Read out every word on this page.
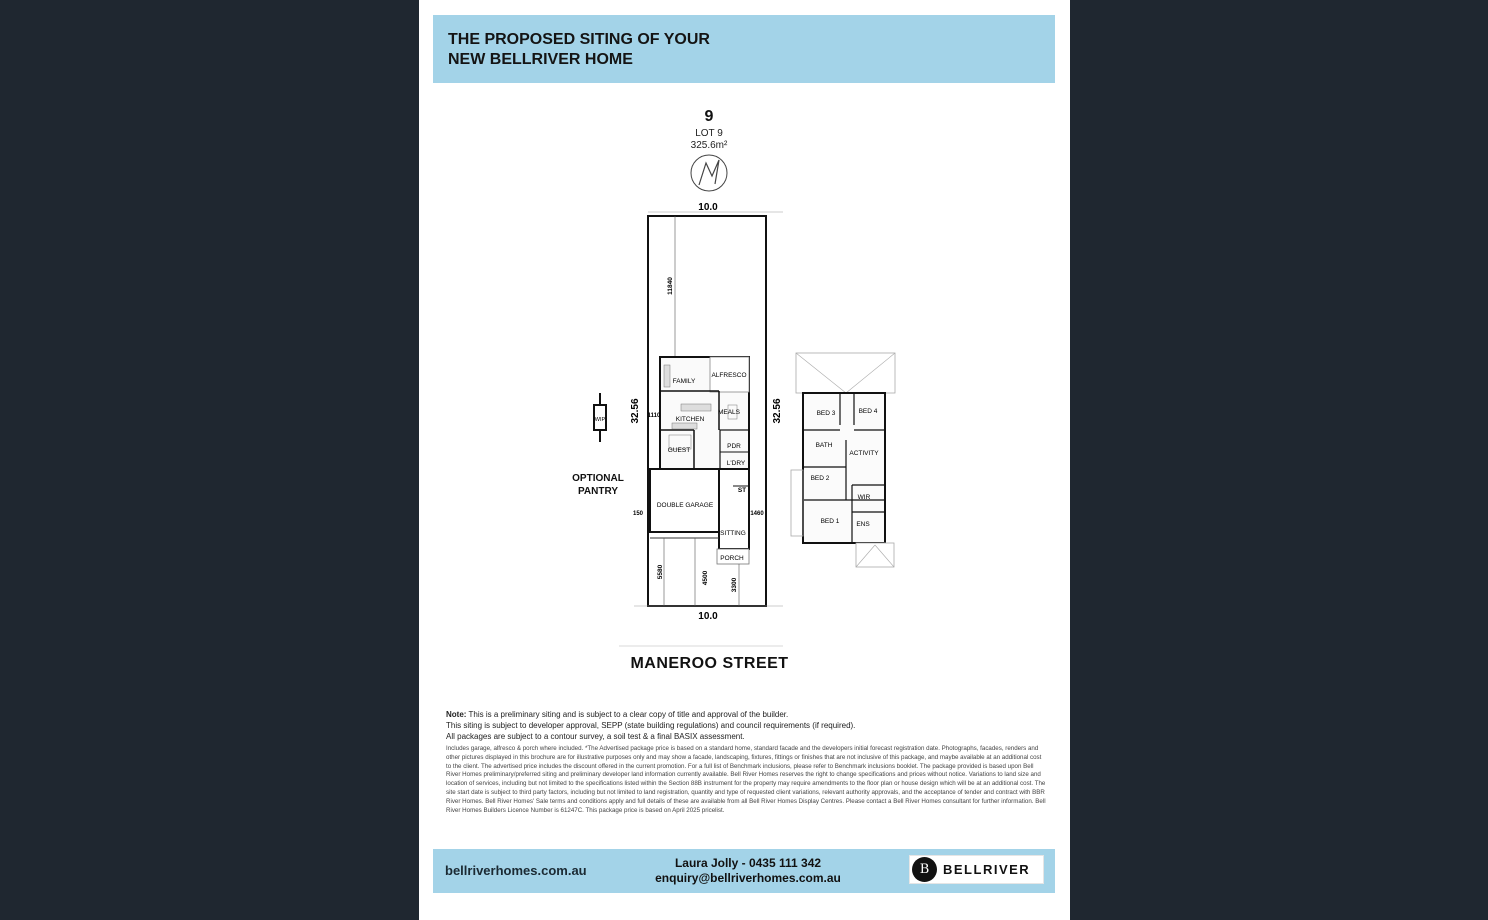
THE PROPOSED SITING OF YOUR
NEW BELLRIVER HOME

9
LOT 9
325.6m²
10.0
10.0
32.56	32.56
11840
FAMILY
ALFRESCO
KITCHEN
MEALS
GUEST
PDR
L'DRY
ST
DOUBLE GARAGE
SITTING
PORCH
1110
150	1460
5580	4500	3300
WIP
BED 3	BED 4
BATH
ACTIVITY
BED 2
WIR
BED 1	ENS
OPTIONAL
PANTRY
MANEROO STREET
Note: This is a preliminary siting and is subject to a clear copy of title and approval of the builder.
This siting is subject to developer approval, SEPP (state building regulations) and council requirements (if required).
All packages are subject to a contour survey, a soil test & a final BASIX assessment.
Includes garage, alfresco & porch where included. *The Advertised package price is based on a standard home, standard facade and the developers initial forecast registration date. Photographs, facades, renders and other pictures displayed in this brochure are for illustrative purposes only and may show a facade, landscaping, fixtures, fittings or finishes that are not inclusive of this package, and maybe available at an additional cost to the client. The advertised price includes the discount offered in the current promotion. For a full list of Benchmark inclusions, please refer to Benchmark inclusions booklet. The package provided is based upon Bell River Homes preliminary/preferred siting and preliminary developer land information currently available. Bell River Homes reserves the right to change specifications and prices without notice. Variations to land size and location of services, including but not limited to the specifications listed within the Section 88B instrument for the property may require amendments to the floor plan or house design which will be at an additional cost. The site start date is subject to third party factors, including but not limited to land registration, quantity and type of requested client variations, relevant authority approvals, and the acceptance of tender and contract with BBR River Homes. Bell River Homes' Sale terms and conditions apply and full details of these are available from all Bell River Homes Display Centres. Please contact a Bell River Homes consultant for further information. Bell River Homes Builders Licence Number is 61247C. This package price is based on April 2025 pricelist.
bellriverhomes.com.au	Laura Jolly - 0435 111 342
enquiry@bellriverhomes.com.au
B	BELLRIVER
